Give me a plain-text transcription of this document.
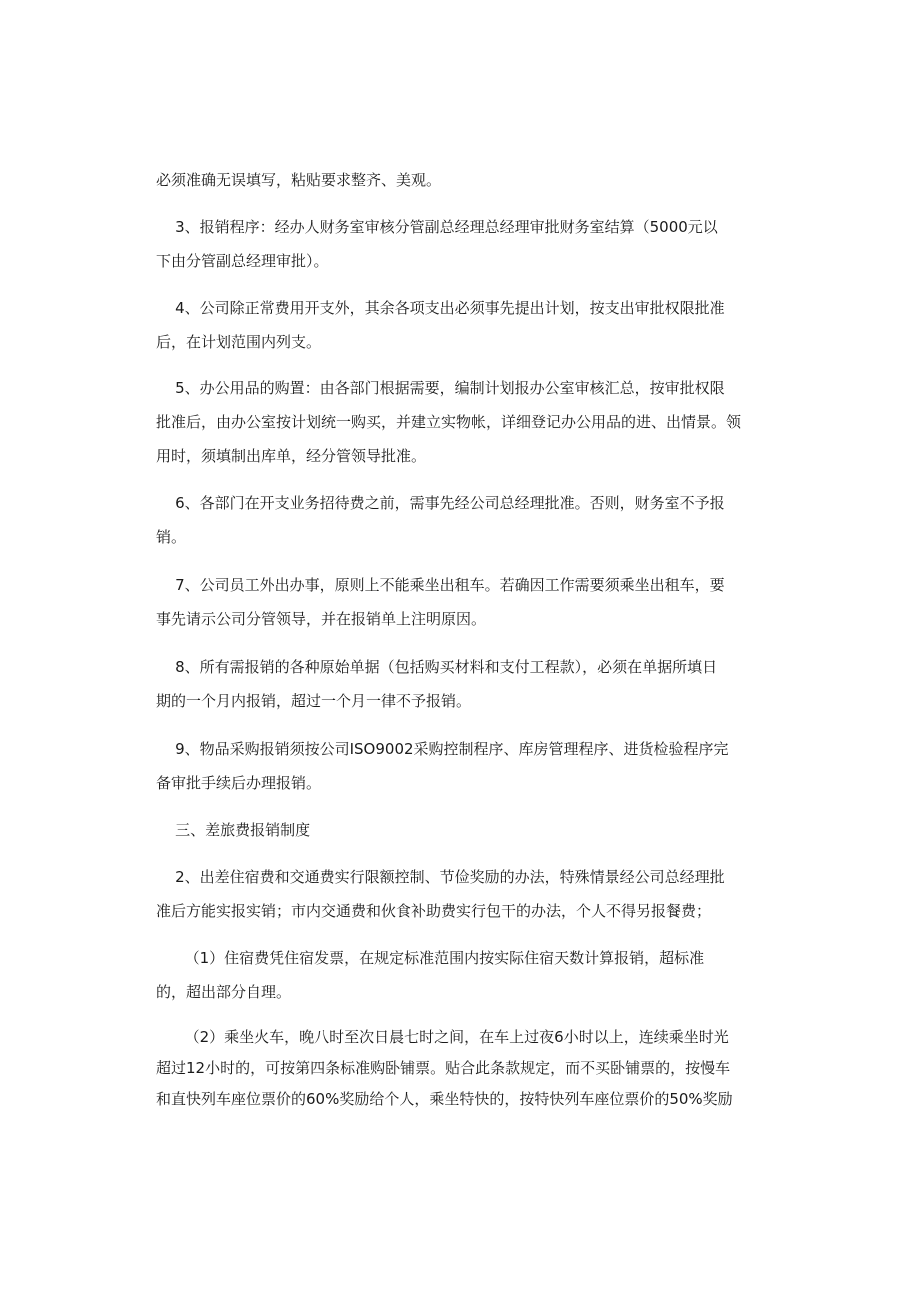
必须准确无误填写，粘贴要求整齐、美观。
3、报销程序：经办人财务室审核分管副总经理总经理审批财务室结算（5000元以
下由分管副总经理审批）。
4、公司除正常费用开支外，其余各项支出必须事先提出计划，按支出审批权限批准
后，在计划范围内列支。
5、办公用品的购置：由各部门根据需要，编制计划报办公室审核汇总，按审批权限
批准后，由办公室按计划统一购买，并建立实物帐，详细登记办公用品的进、出情景。领
用时，须填制出库单，经分管领导批准。
6、各部门在开支业务招待费之前，需事先经公司总经理批准。否则，财务室不予报
销。
7、公司员工外出办事，原则上不能乘坐出租车。若确因工作需要须乘坐出租车，要
事先请示公司分管领导，并在报销单上注明原因。
8、所有需报销的各种原始单据（包括购买材料和支付工程款），必须在单据所填日
期的一个月内报销，超过一个月一律不予报销。
9、物品采购报销须按公司ISO9002采购控制程序、库房管理程序、进货检验程序完
备审批手续后办理报销。
三、差旅费报销制度
2、出差住宿费和交通费实行限额控制、节俭奖励的办法，特殊情景经公司总经理批
准后方能实报实销；市内交通费和伙食补助费实行包干的办法，个人不得另报餐费；
（1）住宿费凭住宿发票，在规定标准范围内按实际住宿天数计算报销，超标准
的，超出部分自理。
（2）乘坐火车，晚八时至次日晨七时之间，在车上过夜6小时以上，连续乘坐时光
超过12小时的，可按第四条标准购卧铺票。贴合此条款规定，而不买卧铺票的，按慢车
和直快列车座位票价的60%奖励给个人，乘坐特快的，按特快列车座位票价的50%奖励
